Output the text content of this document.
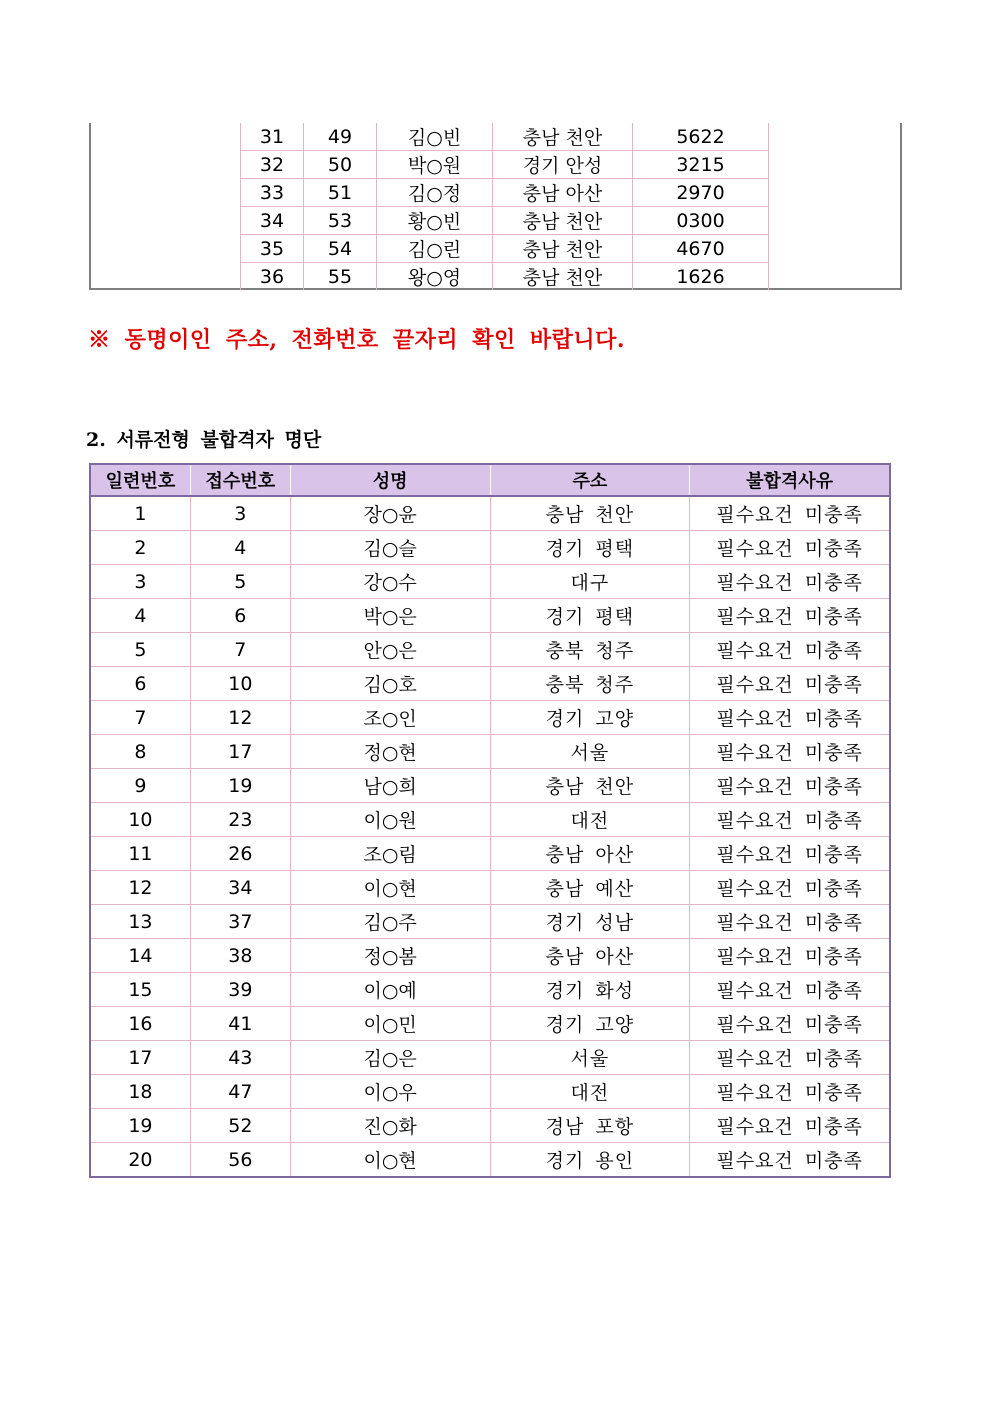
31	49	김○빈	충남 천안	5622
32	50	박○원	경기 안성	3215
33	51	김○정	충남 아산	2970
34	53	황○빈	충남 천안	0300
35	54	김○린	충남 천안	4670
36	55	왕○영	충남 천안	1626
※ 동명이인 주소, 전화번호 끝자리 확인 바랍니다.
2. 서류전형 불합격자 명단
일련번호	접수번호	성명	주소	불합격사유
1	3	장○윤	충남 천안	필수요건 미충족
2	4	김○슬	경기 평택	필수요건 미충족
3	5	강○수	대구	필수요건 미충족
4	6	박○은	경기 평택	필수요건 미충족
5	7	안○은	충북 청주	필수요건 미충족
6	10	김○호	충북 청주	필수요건 미충족
7	12	조○인	경기 고양	필수요건 미충족
8	17	정○현	서울	필수요건 미충족
9	19	남○희	충남 천안	필수요건 미충족
10	23	이○원	대전	필수요건 미충족
11	26	조○림	충남 아산	필수요건 미충족
12	34	이○현	충남 예산	필수요건 미충족
13	37	김○주	경기 성남	필수요건 미충족
14	38	정○봄	충남 아산	필수요건 미충족
15	39	이○예	경기 화성	필수요건 미충족
16	41	이○민	경기 고양	필수요건 미충족
17	43	김○은	서울	필수요건 미충족
18	47	이○우	대전	필수요건 미충족
19	52	진○화	경남 포항	필수요건 미충족
20	56	이○현	경기 용인	필수요건 미충족
